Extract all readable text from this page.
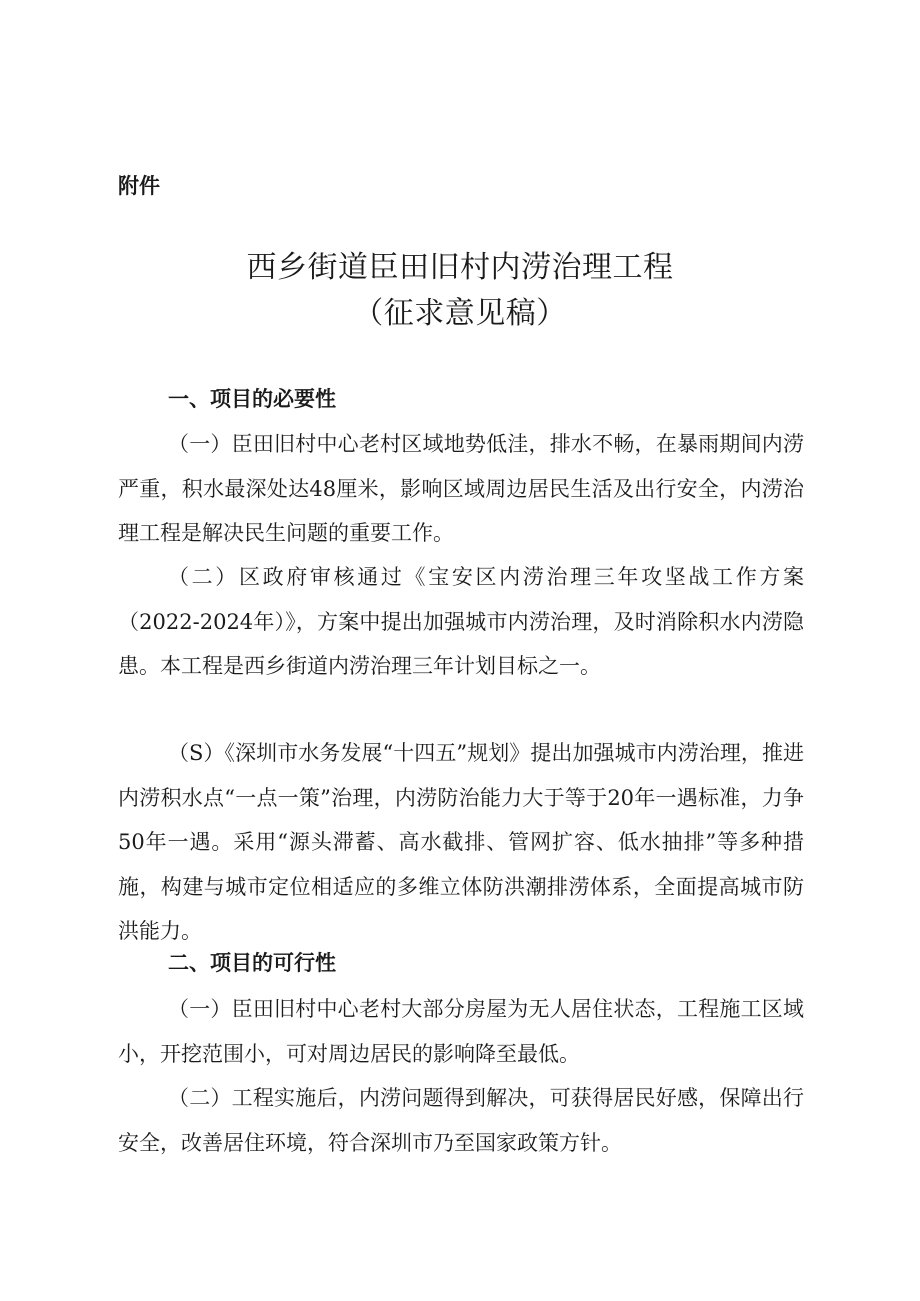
附件
西乡街道臣田旧村内涝治理工程
（征求意见稿）
一、项目的必要性
（一）臣田旧村中心老村区域地势低洼，排水不畅，在暴雨期间内涝严重，积水最深处达48厘米，影响区域周边居民生活及出行安全，内涝治理工程是解决民生问题的重要工作。
（二）区政府审核通过《宝安区内涝治理三年攻坚战工作方案（2022-2024年）》，方案中提出加强城市内涝治理，及时消除积水内涝隐患。本工程是西乡街道内涝治理三年计划目标之一。
（S）《深圳市水务发展“十四五”规划》提出加强城市内涝治理，推进内涝积水点“一点一策”治理，内涝防治能力大于等于20年一遇标准，力争50年一遇。采用“源头滞蓄、高水截排、管网扩容、低水抽排”等多种措施，构建与城市定位相适应的多维立体防洪潮排涝体系，全面提高城市防洪能力。
二、项目的可行性
（一）臣田旧村中心老村大部分房屋为无人居住状态，工程施工区域小，开挖范围小，可对周边居民的影响降至最低。
（二）工程实施后，内涝问题得到解决，可获得居民好感，保障出行安全，改善居住环境，符合深圳市乃至国家政策方针。
